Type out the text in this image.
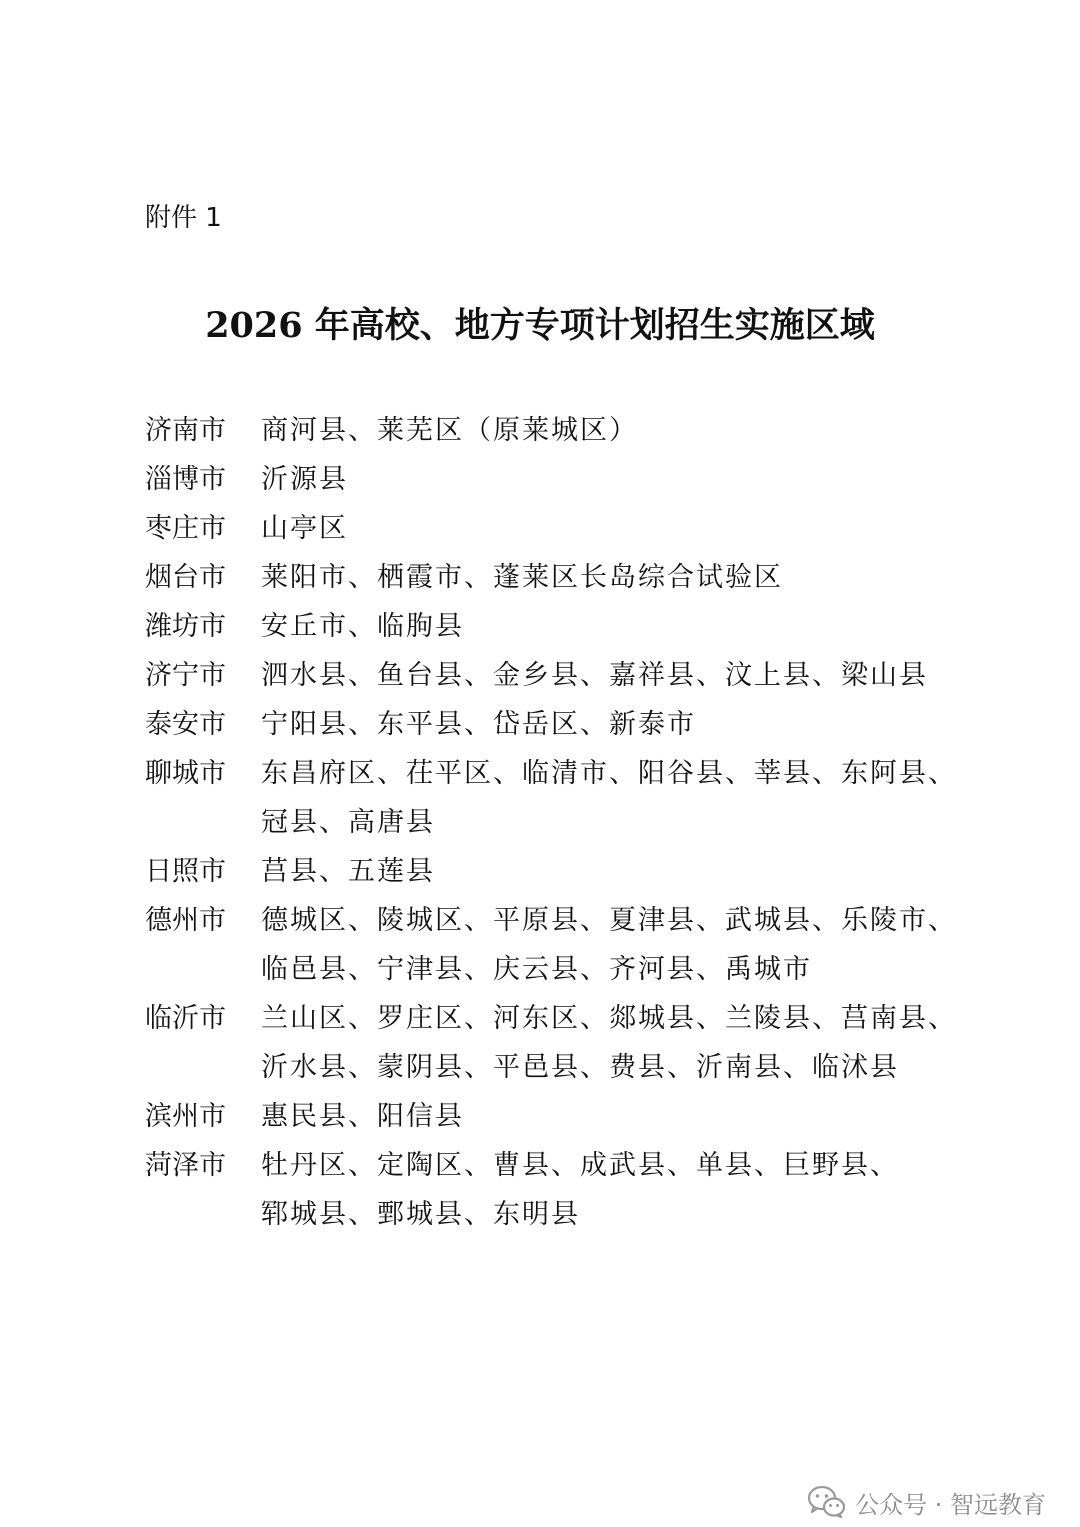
附件 1
2026 年高校、地方专项计划招生实施区域
济南市	商河县、莱芜区（原莱城区）
淄博市	沂源县
枣庄市	山亭区
烟台市	莱阳市、栖霞市、蓬莱区长岛综合试验区
潍坊市	安丘市、临朐县
济宁市	泗水县、鱼台县、金乡县、嘉祥县、汶上县、梁山县
泰安市	宁阳县、东平县、岱岳区、新泰市
聊城市	东昌府区、茌平区、临清市、阳谷县、莘县、东阿县、
冠县、高唐县
日照市	莒县、五莲县
德州市	德城区、陵城区、平原县、夏津县、武城县、乐陵市、
临邑县、宁津县、庆云县、齐河县、禹城市
临沂市	兰山区、罗庄区、河东区、郯城县、兰陵县、莒南县、
沂水县、蒙阴县、平邑县、费县、沂南县、临沭县
滨州市	惠民县、阳信县
菏泽市	牡丹区、定陶区、曹县、成武县、单县、巨野县、
郓城县、鄄城县、东明县
公众号 · 智远教育
